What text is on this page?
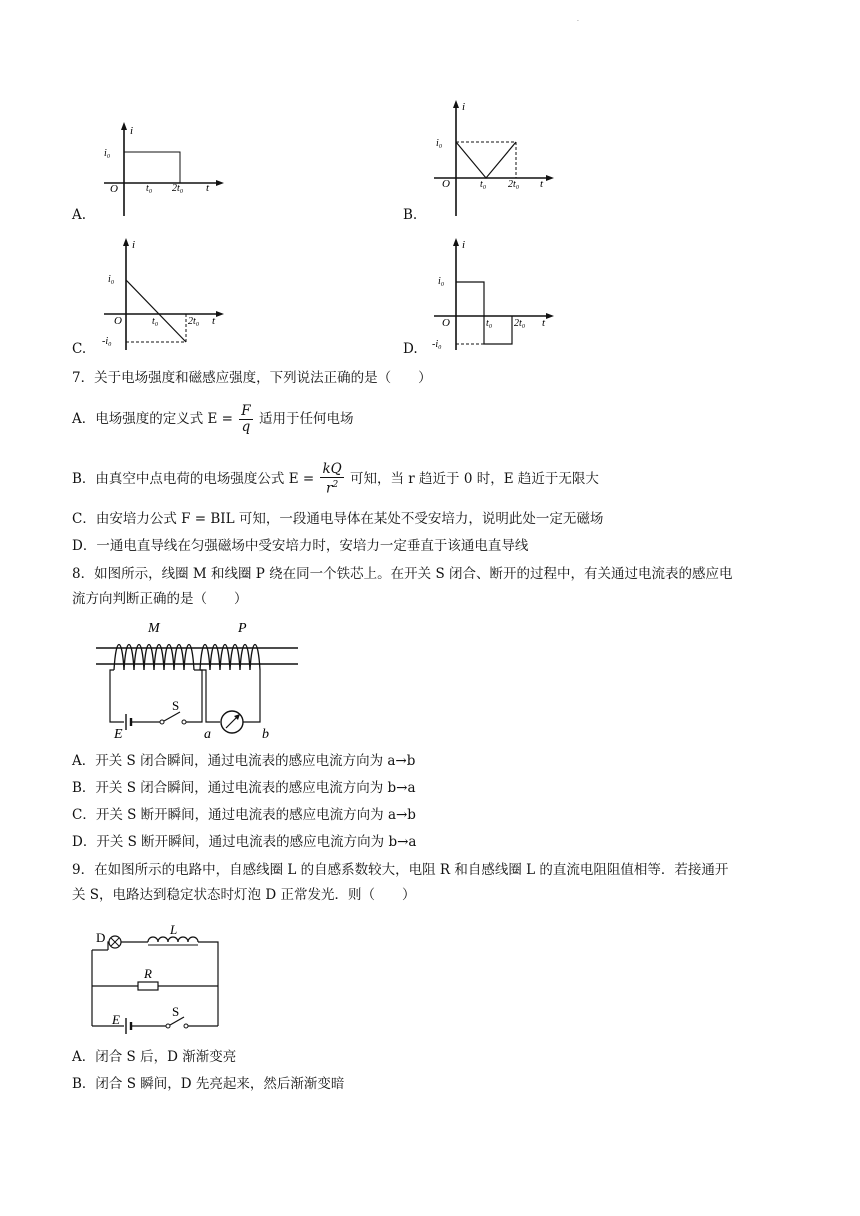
.
A.
i
i₀
O	t₀ 2t₀ t
B.
i
i₀
O	t₀ 2t₀ t
C.
i
i₀
-i₀
O	t₀	2t₀ t
D.
i
i₀
-i₀
O	t₀ 2t₀ t
7．关于电场强度和磁感应强度，下列说法正确的是（　　）
A．电场强度的定义式 $E = \frac{F}{q}$ 适用于任何电场
B．由真空中点电荷的电场强度公式 $E = \frac{kQ}{r^2}$ 可知，当 r 趋近于 0 时，E 趋近于无限大
C．由安培力公式 F = BIL 可知，一段通电导体在某处不受安培力，说明此处一定无磁场
D．一通电直导线在匀强磁场中受安培力时，安培力一定垂直于该通电直导线
8．如图所示，线圈 M 和线圈 P 绕在同一个铁芯上。在开关 S 闭合、断开的过程中，有关通过电流表的感应电
流方向判断正确的是（　　）
M	P
S
E	a	b
A．开关 S 闭合瞬间，通过电流表的感应电流方向为 a→b
B．开关 S 闭合瞬间，通过电流表的感应电流方向为 b→a
C．开关 S 断开瞬间，通过电流表的感应电流方向为 a→b
D．开关 S 断开瞬间，通过电流表的感应电流方向为 b→a
9．在如图所示的电路中，自感线圈 L 的自感系数较大，电阻 R 和自感线圈 L 的直流电阻阻值相等．若接通开
关 S，电路达到稳定状态时灯泡 D 正常发光．则（　　）
D
L
R
E
S
A．闭合 S 后，D 渐渐变亮
B．闭合 S 瞬间，D 先亮起来，然后渐渐变暗
